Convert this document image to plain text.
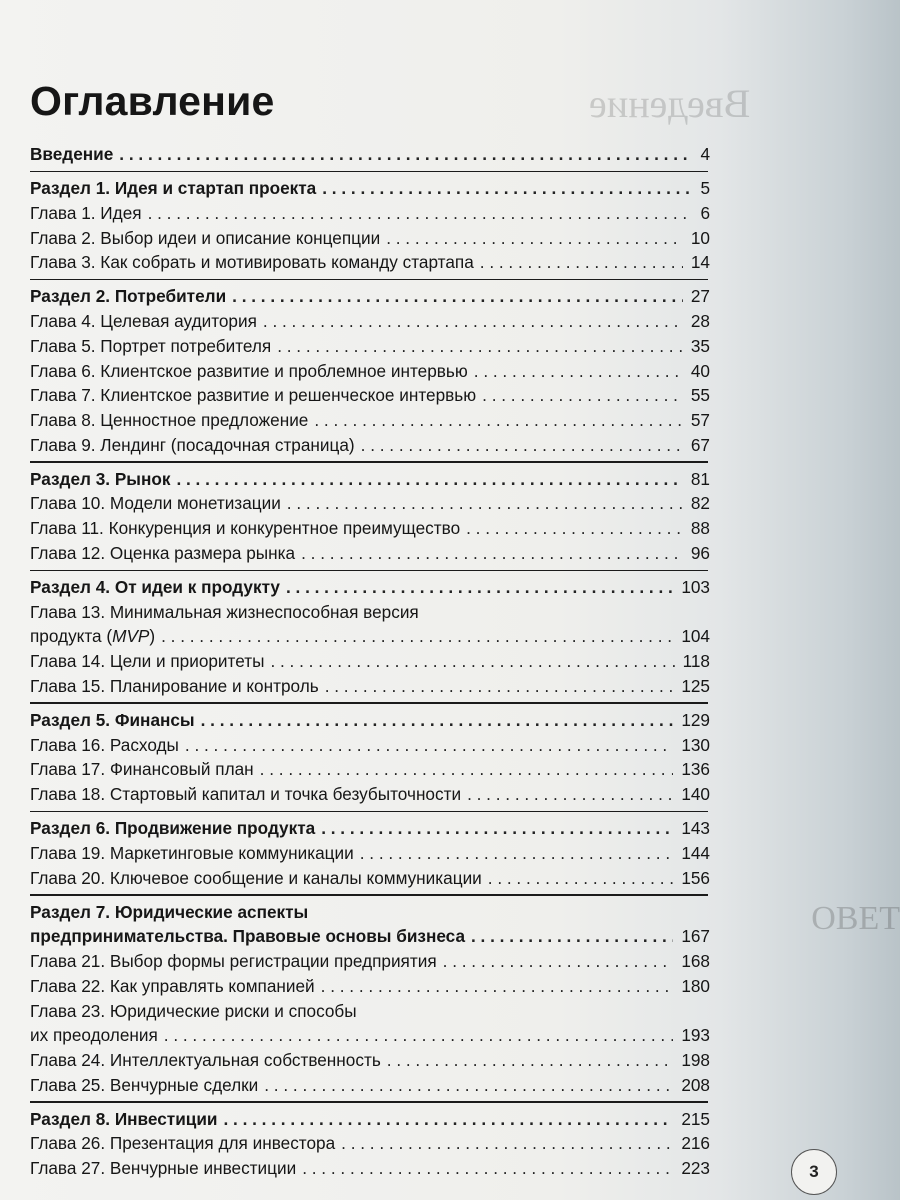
Введение
ОВЕТ
Оглавление
Введение . . .	4
Раздел 1. Идея и стартап проекта . . .	5
Глава 1. Идея . . .	6
Глава 2. Выбор идеи и описание концепции . . .	10
Глава 3. Как собрать и мотивировать команду стартапа . . .	14
Раздел 2. Потребители . . .	27
Глава 4. Целевая аудитория . . .	28
Глава 5. Портрет потребителя . . .	35
Глава 6. Клиентское развитие и проблемное интервью . . .	40
Глава 7. Клиентское развитие и решенческое интервью . . .	55
Глава 8. Ценностное предложение . . .	57
Глава 9. Лендинг (посадочная страница) . . .	67
Раздел 3. Рынок . . .	81
Глава 10. Модели монетизации . . .	82
Глава 11. Конкуренция и конкурентное преимущество . . .	88
Глава 12. Оценка размера рынка . . .	96
Раздел 4. От идеи к продукту . . .	103
Глава 13. Минимальная жизнеспособная версия
продукта (MVP) . . .	104
Глава 14. Цели и приоритеты . . .	118
Глава 15. Планирование и контроль . . .	125
Раздел 5. Финансы . . .	129
Глава 16. Расходы . . .	130
Глава 17. Финансовый план . . .	136
Глава 18. Стартовый капитал и точка безубыточности . . .	140
Раздел 6. Продвижение продукта . . .	143
Глава 19. Маркетинговые коммуникации . . .	144
Глава 20. Ключевое сообщение и каналы коммуникации . . .	156
Раздел 7. Юридические аспекты
предпринимательства. Правовые основы бизнеса . . .	167
Глава 21. Выбор формы регистрации предприятия . . .	168
Глава 22. Как управлять компанией . . .	180
Глава 23. Юридические риски и способы
их преодоления . . .	193
Глава 24. Интеллектуальная собственность . . .	198
Глава 25. Венчурные сделки . . .	208
Раздел 8. Инвестиции . . .	215
Глава 26. Презентация для инвестора . . .	216
Глава 27. Венчурные инвестиции . . .	223	3
